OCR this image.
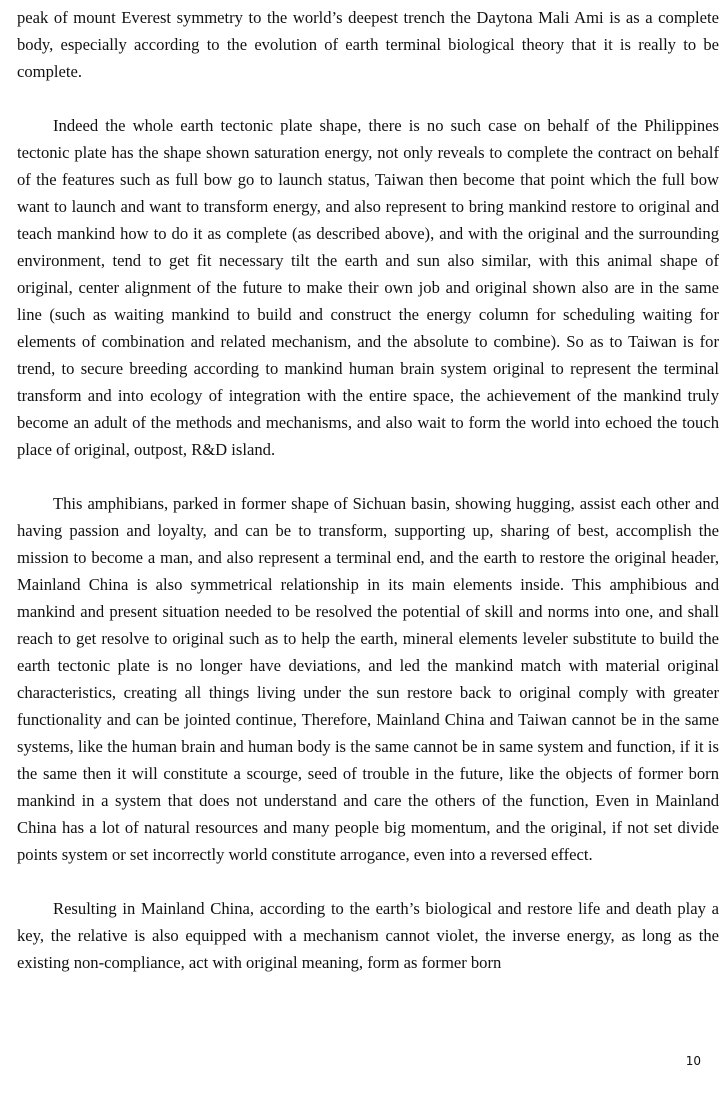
peak of mount Everest symmetry to the world’s deepest trench the Daytona Mali Ami is as a complete body, especially according to the evolution of earth terminal biological theory that it is really to be complete.

Indeed the whole earth tectonic plate shape, there is no such case on behalf of the Philippines tectonic plate has the shape shown saturation energy, not only reveals to complete the contract on behalf of the features such as full bow go to launch status, Taiwan then become that point which the full bow want to launch and want to transform energy, and also represent to bring mankind restore to original and teach mankind how to do it as complete (as described above), and with the original and the surrounding environment, tend to get fit necessary tilt the earth and sun also similar, with this animal shape of original, center alignment of the future to make their own job and original shown also are in the same line (such as waiting mankind to build and construct the energy column for scheduling waiting for elements of combination and related mechanism, and the absolute to combine). So as to Taiwan is for trend, to secure breeding according to mankind human brain system original to represent the terminal transform and into ecology of integration with the entire space, the achievement of the mankind truly become an adult of the methods and mechanisms, and also wait to form the world into echoed the touch place of original, outpost, R&D island.

This amphibians, parked in former shape of Sichuan basin, showing hugging, assist each other and having passion and loyalty, and can be to transform, supporting up, sharing of best, accomplish the mission to become a man, and also represent a terminal end, and the earth to restore the original header, Mainland China is also symmetrical relationship in its main elements inside. This amphibious and mankind and present situation needed to be resolved the potential of skill and norms into one, and shall reach to get resolve to original such as to help the earth, mineral elements leveler substitute to build the earth tectonic plate is no longer have deviations, and led the mankind match with material original characteristics, creating all things living under the sun restore back to original comply with greater functionality and can be jointed continue, Therefore, Mainland China and Taiwan cannot be in the same systems, like the human brain and human body is the same cannot be in same system and function, if it is the same then it will constitute a scourge, seed of trouble in the future, like the objects of former born mankind in a system that does not understand and care the others of the function, Even in Mainland China has a lot of natural resources and many people big momentum, and the original, if not set divide points system or set incorrectly world constitute arrogance, even into a reversed effect.

Resulting in Mainland China, according to the earth’s biological and restore life and death play a key, the relative is also equipped with a mechanism cannot violet, the inverse energy, as long as the existing non-compliance, act with original meaning, form as former born

10
